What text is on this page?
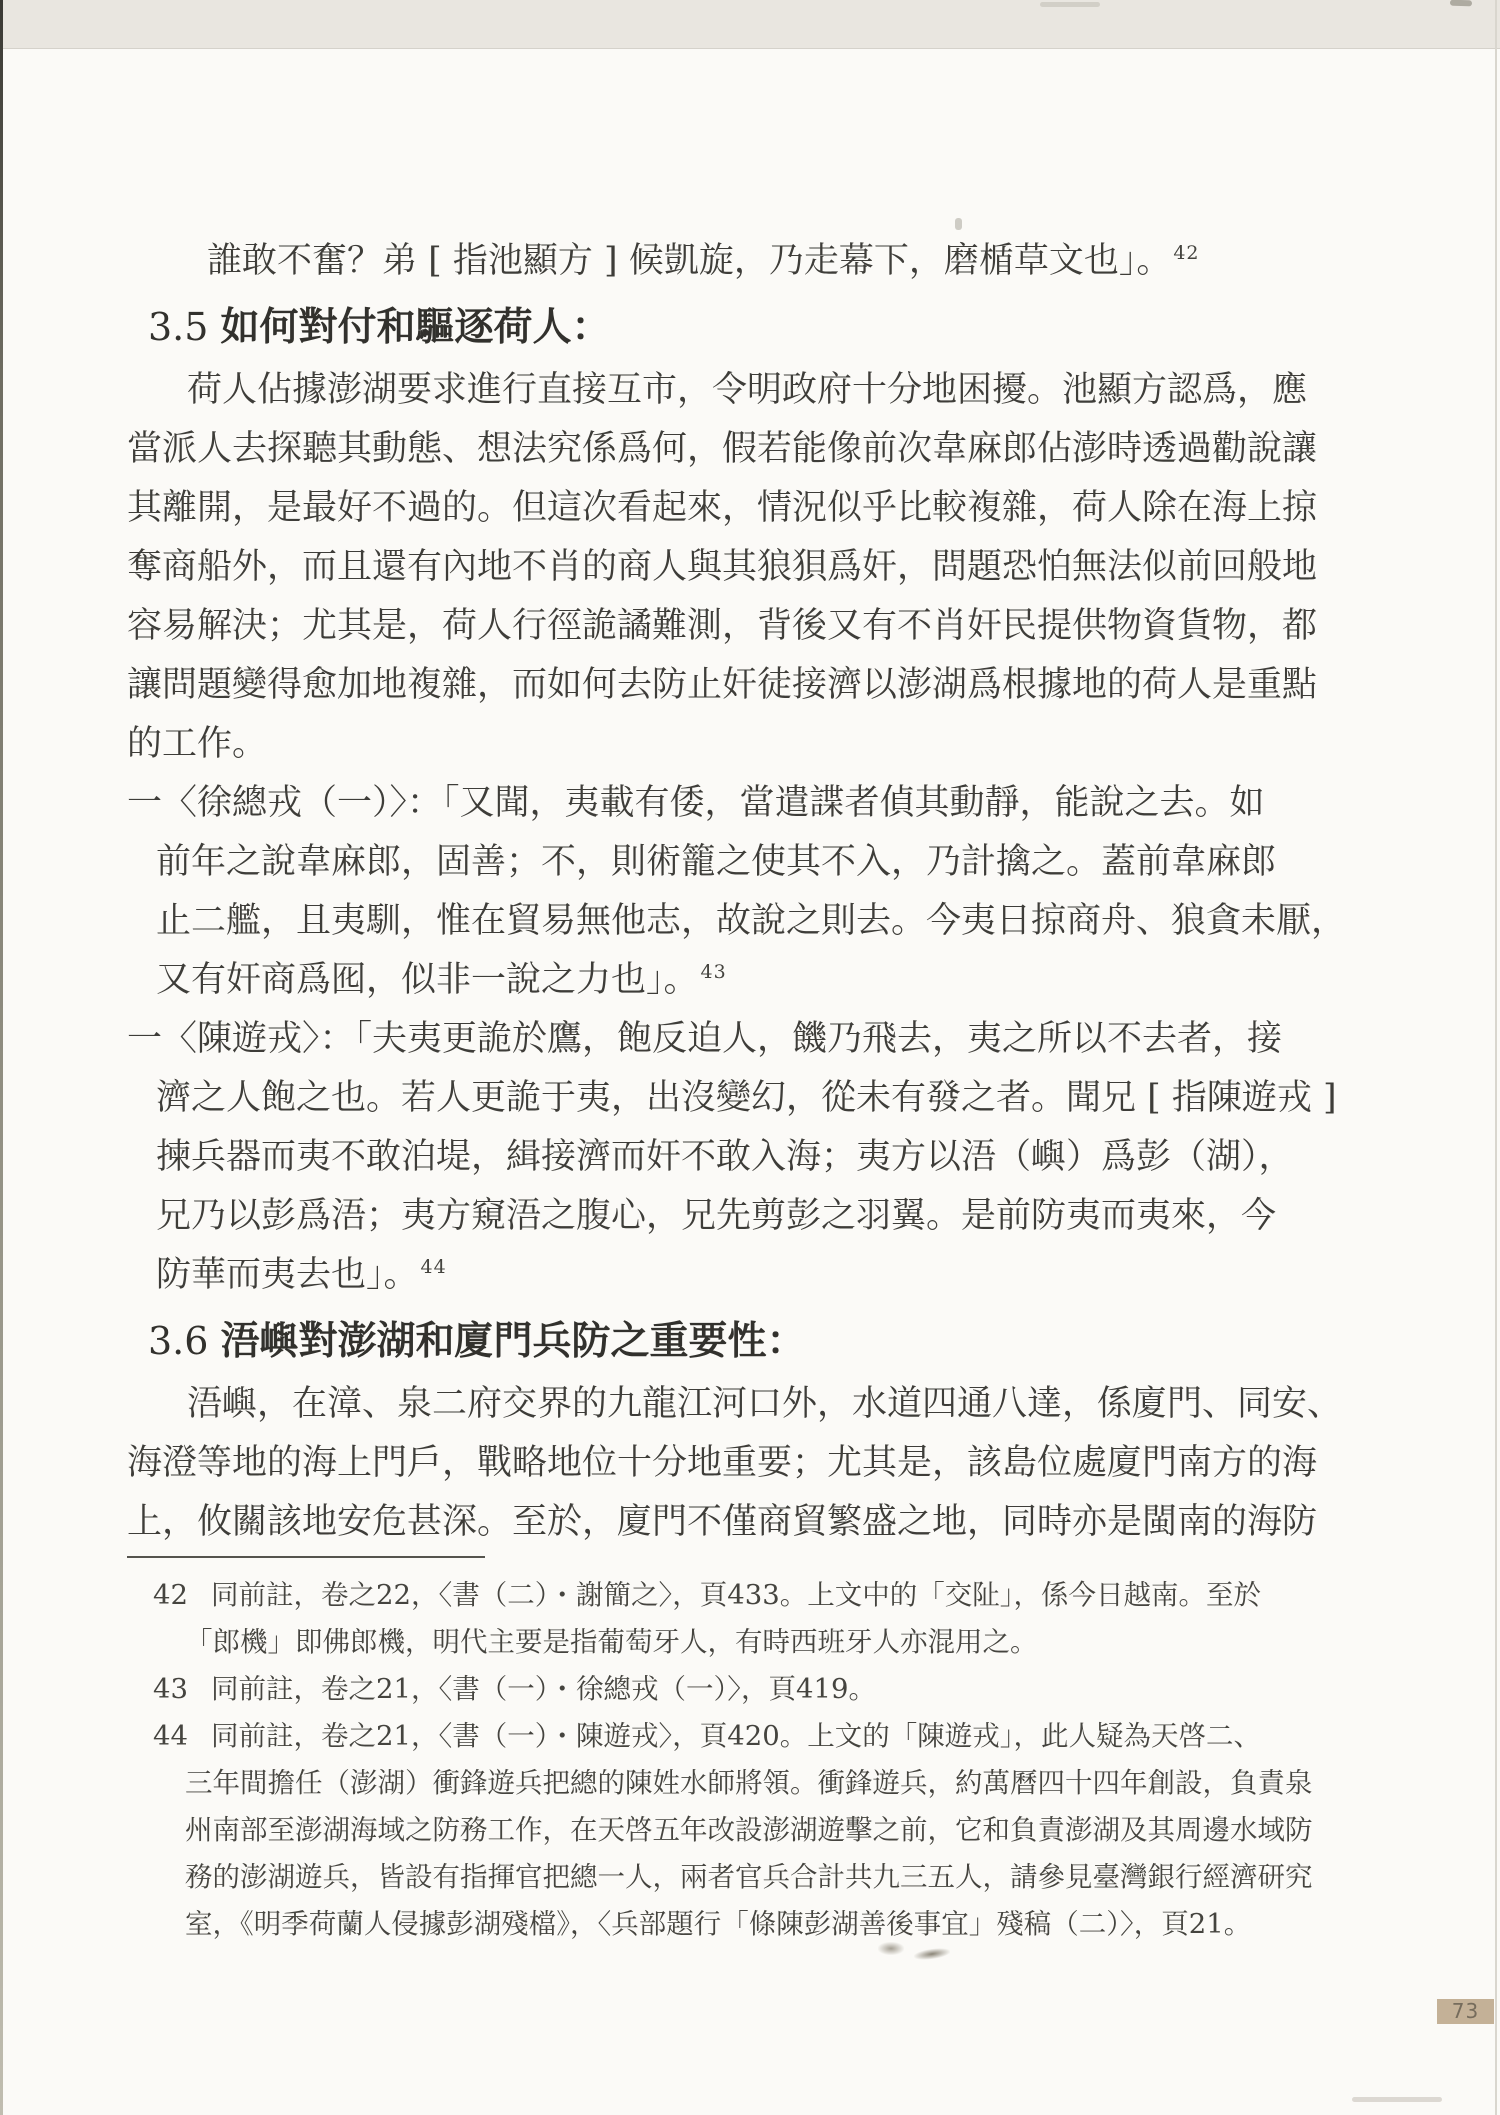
誰敢不奮？弟 [ 指池顯方 ] 候凱旋，乃走幕下，磨楯草文也」。 $^{42}$
3.5 如何對付和驅逐荷人：
荷人佔據澎湖要求進行直接互市，令明政府十分地困擾。池顯方認爲，應
當派人去探聽其動態、想法究係爲何，假若能像前次韋麻郎佔澎時透過勸說讓
其離開，是最好不過的。但這次看起來，情況似乎比較複雜，荷人除在海上掠
奪商船外，而且還有內地不肖的商人與其狼狽爲奸，問題恐怕無法似前回般地
容易解決；尤其是，荷人行徑詭譎難測，背後又有不肖奸民提供物資貨物，都
讓問題變得愈加地複雜，而如何去防止奸徒接濟以澎湖爲根據地的荷人是重點
的工作。
一〈徐總戎（一）〉：「又聞，夷載有倭，當遣諜者偵其動靜，能說之去。如
前年之說韋麻郎，固善；不，則術籠之使其不入，乃計擒之。蓋前韋麻郎
止二艦，且夷馴，惟在貿易無他志，故說之則去。今夷日掠商舟、狼貪未厭，
又有奸商爲囮，似非一說之力也」。 $^{43}$
一〈陳遊戎〉：「夫夷更詭於鷹，飽反迫人，饑乃飛去，夷之所以不去者，接
濟之人飽之也。若人更詭于夷，出沒變幻，從未有發之者。聞兄 [ 指陳遊戎 ]
揀兵器而夷不敢泊堤，緝接濟而奸不敢入海；夷方以浯（嶼）爲彭（湖），
兄乃以彭爲浯；夷方窺浯之腹心，兄先剪彭之羽翼。是前防夷而夷來，今
防華而夷去也」。 $^{44}$
3.6 浯嶼對澎湖和廈門兵防之重要性：
浯嶼，在漳、泉二府交界的九龍江河口外，水道四通八達，係廈門、同安、
海澄等地的海上門戶，戰略地位十分地重要；尤其是，該島位處廈門南方的海
上，攸關該地安危甚深。至於，廈門不僅商貿繁盛之地，同時亦是閩南的海防
42 同前註，卷之22，〈書（二）・謝簡之〉，頁433。上文中的「交阯」，係今日越南。至於
「郎機」即佛郎機，明代主要是指葡萄牙人，有時西班牙人亦混用之。
43 同前註，卷之21，〈書（一）・徐總戎（一）〉，頁419。
44 同前註，卷之21，〈書（一）・陳遊戎〉，頁420。上文的「陳遊戎」，此人疑為天啓二、
三年間擔任（澎湖）衝鋒遊兵把總的陳姓水師將領。衝鋒遊兵，約萬曆四十四年創設，負責泉
州南部至澎湖海域之防務工作，在天啓五年改設澎湖遊擊之前，它和負責澎湖及其周邊水域防
務的澎湖遊兵，皆設有指揮官把總一人，兩者官兵合計共九三五人，請參見臺灣銀行經濟研究
室，《明季荷蘭人侵據彭湖殘檔》，〈兵部題行「條陳彭湖善後事宜」殘稿（二）〉，頁21。
73
